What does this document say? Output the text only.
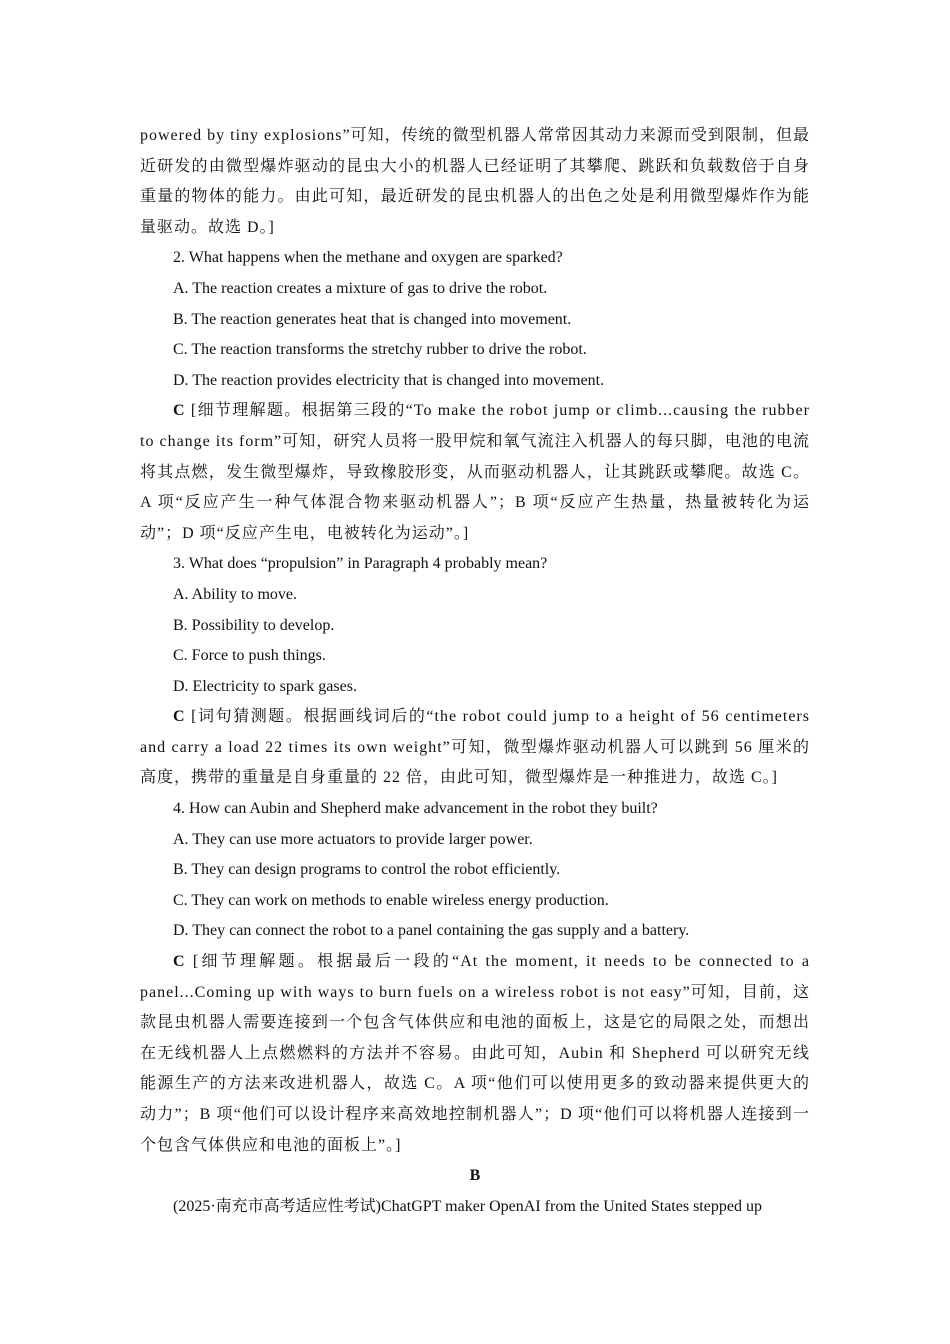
powered by tiny explosions”可知，传统的微型机器人常常因其动力来源而受到限制，但最近研发的由微型爆炸驱动的昆虫大小的机器人已经证明了其攀爬、跳跃和负载数倍于自身重量的物体的能力。由此可知，最近研发的昆虫机器人的出色之处是利用微型爆炸作为能量驱动。故选 D。]

2. What happens when the methane and oxygen are sparked?

A. The reaction creates a mixture of gas to drive the robot.

B. The reaction generates heat that is changed into movement.

C. The reaction transforms the stretchy rubber to drive the robot.

D. The reaction provides electricity that is changed into movement.

C [细节理解题。根据第三段的“To make the robot jump or climb...causing the rubber to change its form”可知，研究人员将一股甲烷和氧气流注入机器人的每只脚，电池的电流将其点燃，发生微型爆炸，导致橡胶形变，从而驱动机器人，让其跳跃或攀爬。故选 C。A 项“反应产生一种气体混合物来驱动机器人”；B 项“反应产生热量，热量被转化为运动”；D 项“反应产生电，电被转化为运动”。]

3. What does “propulsion” in Paragraph 4 probably mean?

A. Ability to move.

B. Possibility to develop.

C. Force to push things.

D. Electricity to spark gases.

C [词句猜测题。根据画线词后的“the robot could jump to a height of 56 centimeters and carry a load 22 times its own weight”可知，微型爆炸驱动机器人可以跳到 56 厘米的高度，携带的重量是自身重量的 22 倍，由此可知，微型爆炸是一种推进力，故选 C。]

4. How can Aubin and Shepherd make advancement in the robot they built?

A. They can use more actuators to provide larger power.

B. They can design programs to control the robot efficiently.

C. They can work on methods to enable wireless energy production.

D. They can connect the robot to a panel containing the gas supply and a battery.

C [细节理解题。根据最后一段的“At the moment, it needs to be connected to a panel...Coming up with ways to burn fuels on a wireless robot is not easy”可知，目前，这款昆虫机器人需要连接到一个包含气体供应和电池的面板上，这是它的局限之处，而想出在无线机器人上点燃燃料的方法并不容易。由此可知，Aubin 和 Shepherd 可以研究无线能源生产的方法来改进机器人，故选 C。A 项“他们可以使用更多的致动器来提供更大的动力”；B 项“他们可以设计程序来高效地控制机器人”；D 项“他们可以将机器人连接到一个包含气体供应和电池的面板上”。]

B

(2025·南充市高考适应性考试)ChatGPT maker OpenAI from the United States stepped up
